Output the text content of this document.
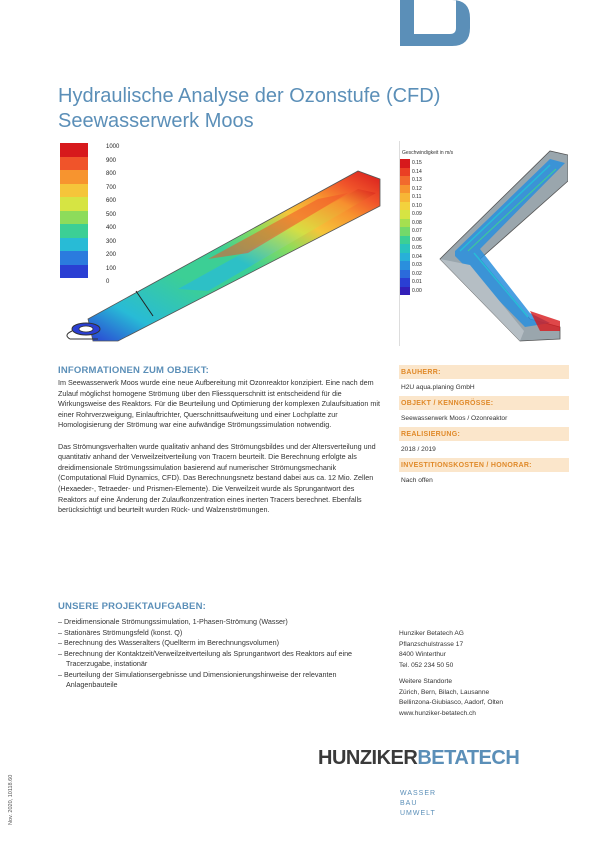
Hydraulische Analyse der Ozonstufe (CFD)
Seewasserwerk Moos
1000
900
800
700
600
500
400
300
200
100
0
Geschwindigkeit in m/s
0.15
0.14
0.13
0.12
0.11
0.10
0.09
0.08
0.07
0.06
0.05
0.04
0.03
0.02
0.01
0.00
INFORMATIONEN ZUM OBJEKT:

Im Seewasserwerk Moos wurde eine neue Aufbereitung mit Ozonreaktor konzipiert. Eine nach dem Zulauf möglichst homogene Strömung über den Fliessquerschnitt ist entscheidend für die Wirkungsweise des Reaktors. Für die Beurteilung und Optimierung der komplexen Zulaufsituation mit einer Rohrverzweigung, Einlauftrichter, Querschnittsaufweitung und einer Lochplatte zur Homologisierung der Strömung war eine aufwändige Strömungssimulation notwendig.

Das Strömungsverhalten wurde qualitativ anhand des Strömungsbildes und der Altersverteilung und quantitativ anhand der Verweilzeitverteilung von Tracern beurteilt. Die Berechnung erfolgte als dreidimensionale Strömungssimulation basierend auf numerischer Strömungsmechanik (Computational Fluid Dynamics, CFD). Das Berechnungsnetz bestand dabei aus ca. 12 Mio. Zellen (Hexaeder-, Tetraeder- und Prismen-Elemente). Die Verweilzeit wurde als Sprungantwort des Reaktors auf eine Änderung der Zulaufkonzentration eines inerten Tracers berechnet. Ebenfalls berücksichtigt und beurteilt wurden Rück- und Walzenströmungen.

BAUHERR:
H2U aqua.planing GmbH
OBJEKT / KENNGRÖSSE:
Seewasserwerk Moos / Ozonreaktor
REALISIERUNG:
2018 / 2019
INVESTITIONSKOSTEN / HONORAR:
Nach offen
UNSERE PROJEKTAUFGABEN:
– Dreidimensionale Strömungssimulation, 1-Phasen-Strömung (Wasser)
– Stationäres Strömungsfeld (konst. Q)
– Berechnung des Wasseralters (Quellterm im Berechnungsvolumen)
– Berechnung der Kontaktzeit/Verweilzeitverteilung als Sprungantwort des Reaktors auf eine Tracerzugabe, instationär
– Beurteilung der Simulationsergebnisse und Dimensionierungshinweise der relevanten Anlagenbauteile
Hunziker Betatech AG
Pflanzschulstrasse 17
8400 Winterthur
Tel. 052 234 50 50
Weitere Standorte
Zürich, Bern, Bilach, Lausanne
Bellinzona-Giubiasco, Aadorf, Olten
www.hunziker-betatech.ch
HUNZIKERBETATECH
WASSER
BAU
UMWELT
Nov. 2020, 10118.60
